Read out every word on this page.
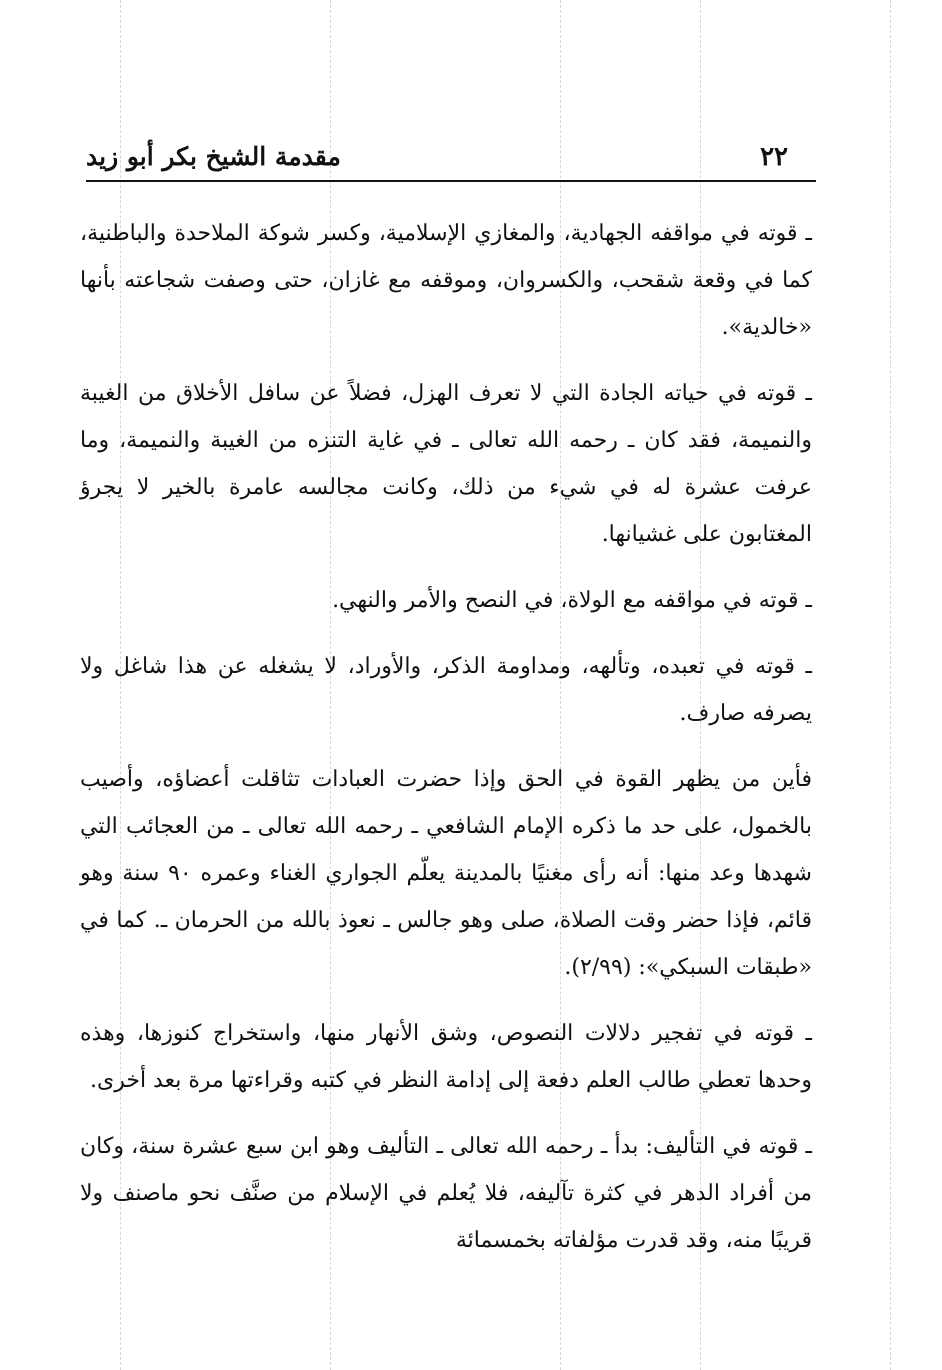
٢٢
مقدمة الشيخ بكر أبو زيد

ـ قوته في مواقفه الجهادية، والمغازي الإسلامية، وكسر شوكة الملاحدة والباطنية، كما في وقعة شقحب، والكسروان، وموقفه مع غازان، حتى وصفت شجاعته بأنها «خالدية».

ـ قوته في حياته الجادة التي لا تعرف الهزل، فضلاً عن سافل الأخلاق من الغيبة والنميمة، فقد كان ـ رحمه الله تعالى ـ في غاية التنزه من الغيبة والنميمة، وما عرفت عشرة له في شيء من ذلك، وكانت مجالسه عامرة بالخير لا يجرؤ المغتابون على غشيانها.

ـ قوته في مواقفه مع الولاة، في النصح والأمر والنهي.

ـ قوته في تعبده، وتألهه، ومداومة الذكر، والأوراد، لا يشغله عن هذا شاغل ولا يصرفه صارف.

فأين من يظهر القوة في الحق وإذا حضرت العبادات تثاقلت أعضاؤه، وأصيب بالخمول، على حد ما ذكره الإمام الشافعي ـ رحمه الله تعالى ـ من العجائب التي شهدها وعد منها: أنه رأى مغنيًا بالمدينة يعلّم الجواري الغناء وعمره ٩٠ سنة وهو قائم، فإذا حضر وقت الصلاة، صلى وهو جالس ـ نعوذ بالله من الحرمان ـ. كما في «طبقات السبكي»: (٢/٩٩).

ـ قوته في تفجير دلالات النصوص، وشق الأنهار منها، واستخراج كنوزها، وهذه وحدها تعطي طالب العلم دفعة إلى إدامة النظر في كتبه وقراءتها مرة بعد أخرى.

ـ قوته في التأليف: بدأ ـ رحمه الله تعالى ـ التأليف وهو ابن سبع عشرة سنة، وكان من أفراد الدهر في كثرة تآليفه، فلا يُعلم في الإسلام من صنَّف نحو ماصنف ولا قريبًا منه، وقد قدرت مؤلفاته بخمسمائة
